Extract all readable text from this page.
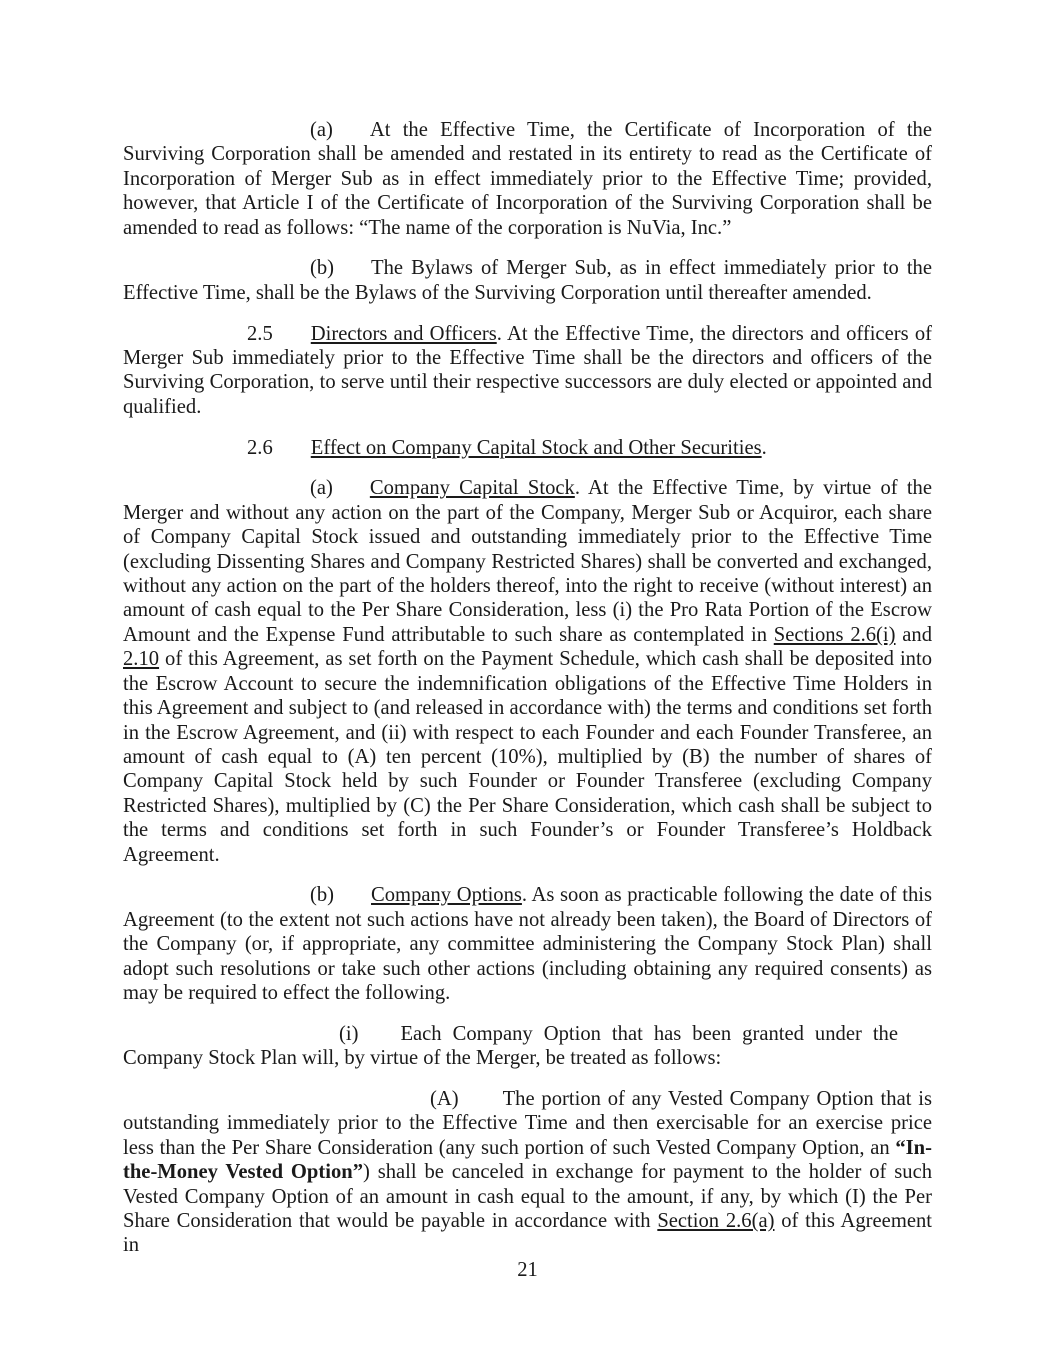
(a) At the Effective Time, the Certificate of Incorporation of the Surviving Corporation shall be amended and restated in its entirety to read as the Certificate of Incorporation of Merger Sub as in effect immediately prior to the Effective Time; provided, however, that Article I of the Certificate of Incorporation of the Surviving Corporation shall be amended to read as follows: “The name of the corporation is NuVia, Inc.”

(b) The Bylaws of Merger Sub, as in effect immediately prior to the Effective Time, shall be the Bylaws of the Surviving Corporation until thereafter amended.

2.5 Directors and Officers. At the Effective Time, the directors and officers of Merger Sub immediately prior to the Effective Time shall be the directors and officers of the Surviving Corporation, to serve until their respective successors are duly elected or appointed and qualified.

2.6 Effect on Company Capital Stock and Other Securities.

(a) Company Capital Stock. At the Effective Time, by virtue of the Merger and without any action on the part of the Company, Merger Sub or Acquiror, each share of Company Capital Stock issued and outstanding immediately prior to the Effective Time (excluding Dissenting Shares and Company Restricted Shares) shall be converted and exchanged, without any action on the part of the holders thereof, into the right to receive (without interest) an amount of cash equal to the Per Share Consideration, less (i) the Pro Rata Portion of the Escrow Amount and the Expense Fund attributable to such share as contemplated in Sections 2.6(i) and 2.10 of this Agreement, as set forth on the Payment Schedule, which cash shall be deposited into the Escrow Account to secure the indemnification obligations of the Effective Time Holders in this Agreement and subject to (and released in accordance with) the terms and conditions set forth in the Escrow Agreement, and (ii) with respect to each Founder and each Founder Transferee, an amount of cash equal to (A) ten percent (10%), multiplied by (B) the number of shares of Company Capital Stock held by such Founder or Founder Transferee (excluding Company Restricted Shares), multiplied by (C) the Per Share Consideration, which cash shall be subject to the terms and conditions set forth in such Founder’s or Founder Transferee’s Holdback Agreement.

(b) Company Options. As soon as practicable following the date of this Agreement (to the extent not such actions have not already been taken), the Board of Directors of the Company (or, if appropriate, any committee administering the Company Stock Plan) shall adopt such resolutions or take such other actions (including obtaining any required consents) as may be required to effect the following.

(i) Each Company Option that has been granted under the Company Stock Plan will, by virtue of the Merger, be treated as follows:

(A) The portion of any Vested Company Option that is outstanding immediately prior to the Effective Time and then exercisable for an exercise price less than the Per Share Consideration (any such portion of such Vested Company Option, an “In-the-Money Vested Option”) shall be canceled in exchange for payment to the holder of such Vested Company Option of an amount in cash equal to the amount, if any, by which (I) the Per Share Consideration that would be payable in accordance with Section 2.6(a) of this Agreement in

21
